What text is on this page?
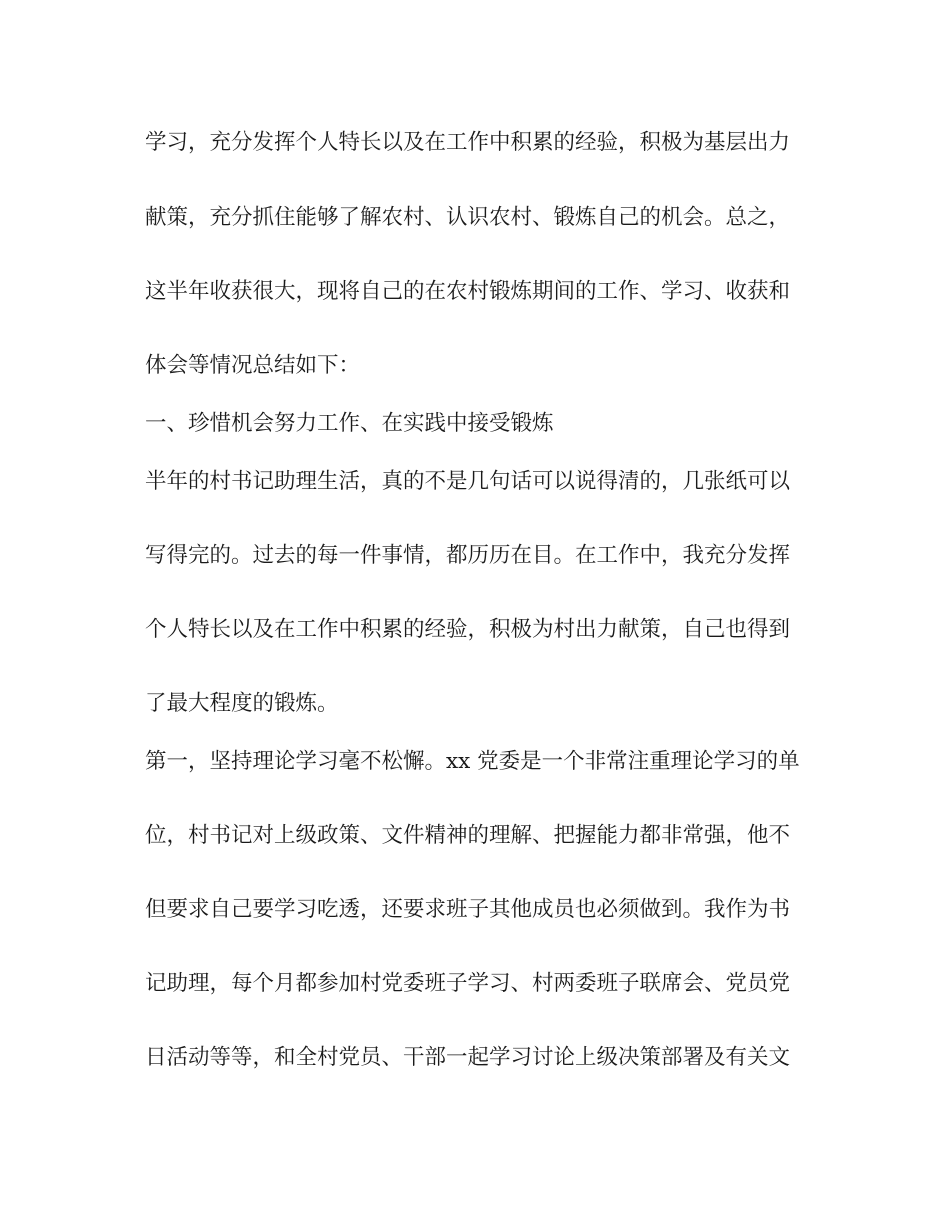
学习，充分发挥个人特长以及在工作中积累的经验，积极为基层出力

献策，充分抓住能够了解农村、认识农村、锻炼自己的机会。总之，

这半年收获很大，现将自己的在农村锻炼期间的工作、学习、收获和

体会等情况总结如下：

一、珍惜机会努力工作、在实践中接受锻炼

半年的村书记助理生活，真的不是几句话可以说得清的，几张纸可以

写得完的。过去的每一件事情，都历历在目。在工作中，我充分发挥

个人特长以及在工作中积累的经验，积极为村出力献策，自己也得到

了最大程度的锻炼。

第一，坚持理论学习毫不松懈。xx 党委是一个非常注重理论学习的单

位，村书记对上级政策、文件精神的理解、把握能力都非常强，他不

但要求自己要学习吃透，还要求班子其他成员也必须做到。我作为书

记助理，每个月都参加村党委班子学习、村两委班子联席会、党员党

日活动等等，和全村党员、干部一起学习讨论上级决策部署及有关文
